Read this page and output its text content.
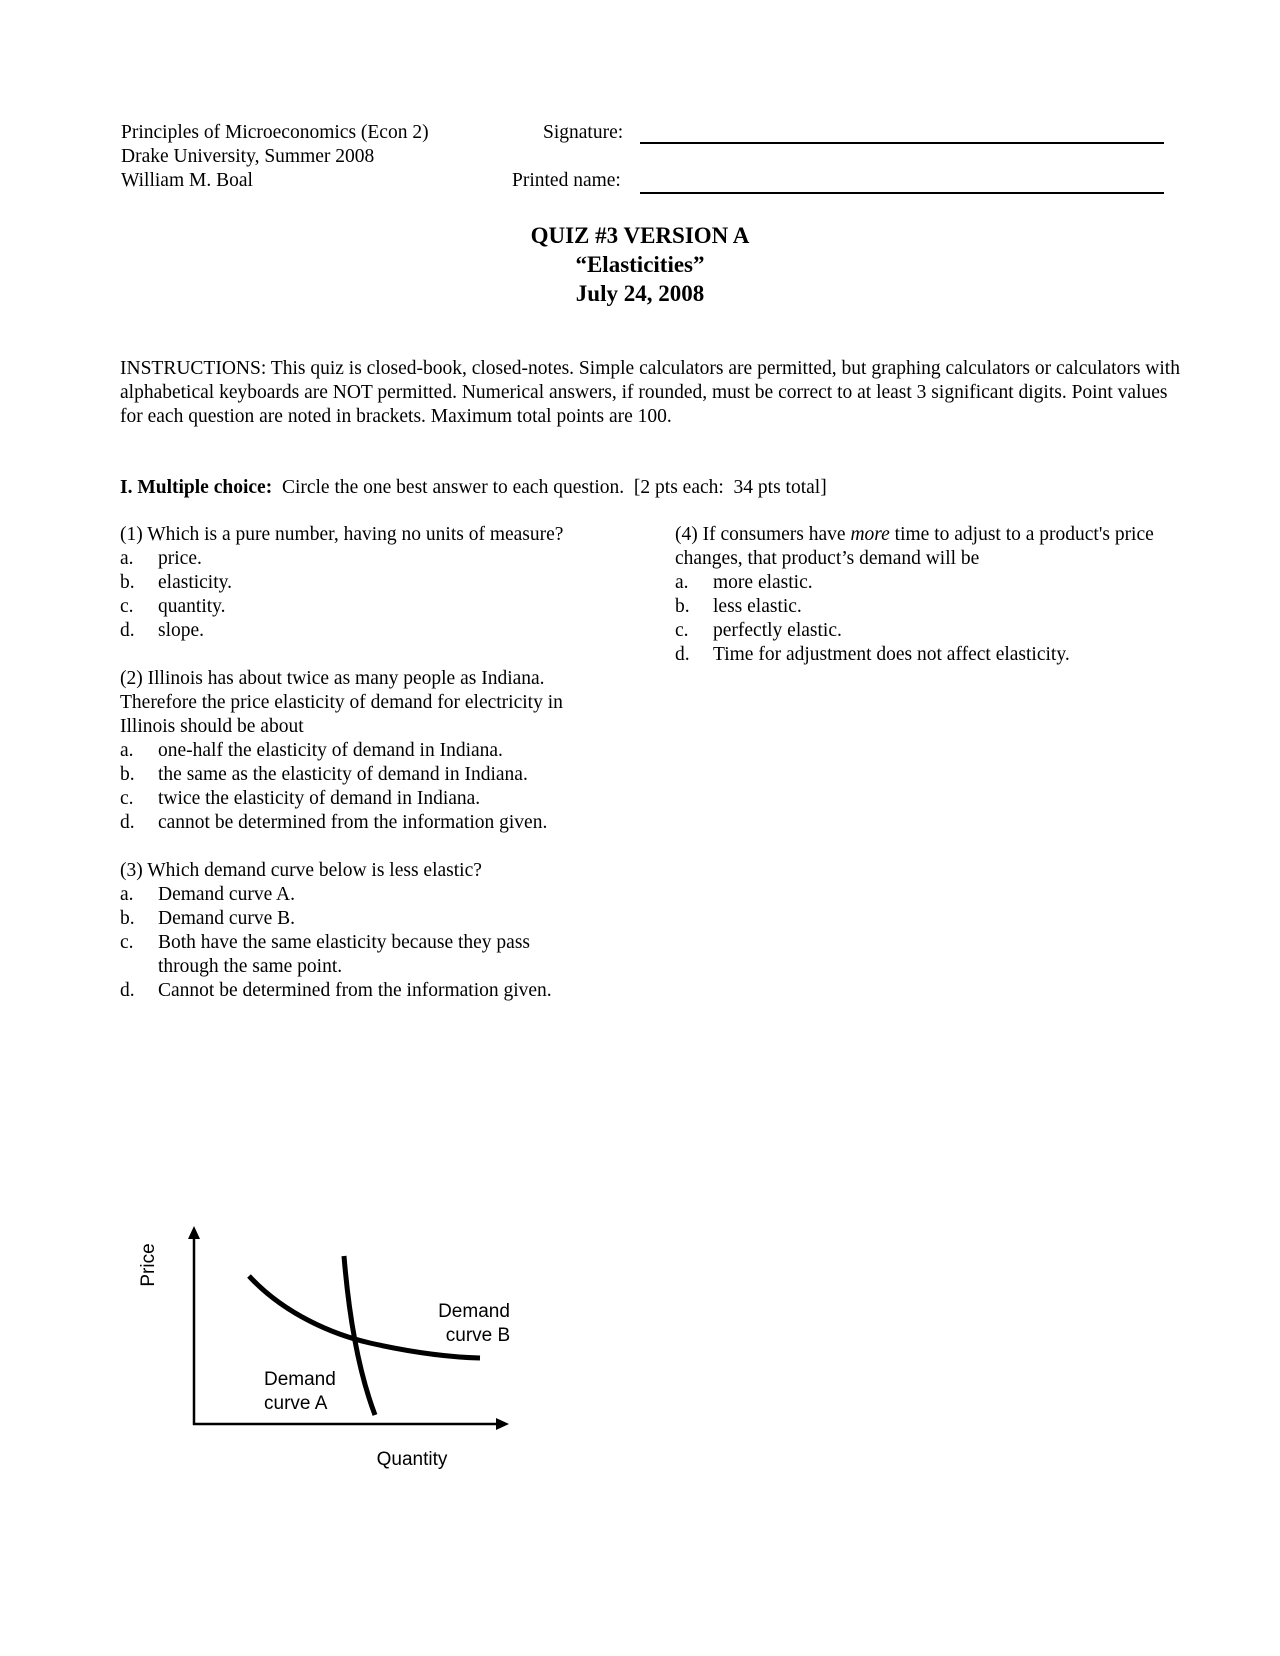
Principles of Microeconomics (Econ 2)
Drake University, Summer 2008
William M. Boal
Signature:
Printed name:
QUIZ #3 VERSION A
“Elasticities”
July 24, 2008
INSTRUCTIONS: This quiz is closed-book, closed-notes. Simple calculators are permitted, but graphing calculators or calculators with alphabetical keyboards are NOT permitted. Numerical answers, if rounded, must be correct to at least 3 significant digits. Point values for each question are noted in brackets. Maximum total points are 100.
I. Multiple choice:  Circle the one best answer to each question.  [2 pts each:  34 pts total]
(1) Which is a pure number, having no units of measure?
a.	price.
b.	elasticity.
c.	quantity.
d.	slope.
(2) Illinois has about twice as many people as Indiana. Therefore the price elasticity of demand for electricity in Illinois should be about
a.	one-half the elasticity of demand in Indiana.
b.	the same as the elasticity of demand in Indiana.
c.	twice the elasticity of demand in Indiana.
d.	cannot be determined from the information given.
(3) Which demand curve below is less elastic?
a.	Demand curve A.
b.	Demand curve B.
c.	Both have the same elasticity because they pass through the same point.
d.	Cannot be determined from the information given.
(4) If consumers have more time to adjust to a product's price changes, that product’s demand will be
a.	more elastic.
b.	less elastic.
c.	perfectly elastic.
d.	Time for adjustment does not affect elasticity.
Price
Quantity
Demand
curve B
Demand
curve A
